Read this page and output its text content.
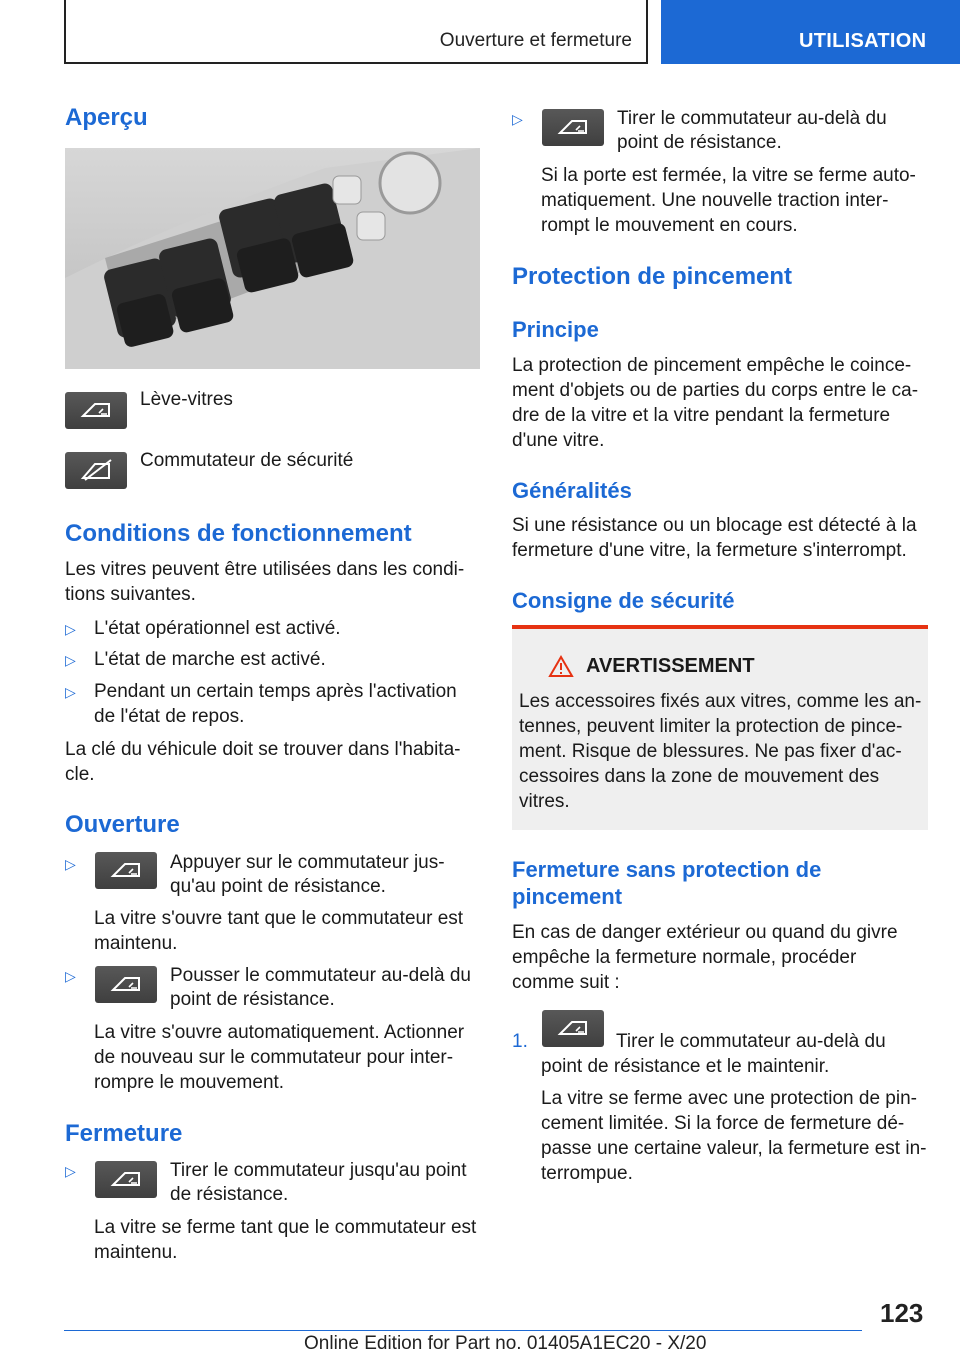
Ouverture et fermeture	UTILISATION
Aperçu
Lève-vitres
Commutateur de sécurité
Conditions de fonctionnement
Les vitres peuvent être utilisées dans les condi-
tions suivantes.
▷ L'état opérationnel est activé.
▷ L'état de marche est activé.
▷ Pendant un certain temps après l'activation
de l'état de repos.
La clé du véhicule doit se trouver dans l'habita-
cle.
Ouverture
▷	Appuyer sur le commutateur jus-
qu'au point de résistance.
La vitre s'ouvre tant que le commutateur est
maintenu.
▷	Pousser le commutateur au-delà du
point de résistance.
La vitre s'ouvre automatiquement. Actionner
de nouveau sur le commutateur pour inter-
rompre le mouvement.
Fermeture
▷	Tirer le commutateur jusqu'au point
de résistance.
La vitre se ferme tant que le commutateur est
maintenu.
▷	Tirer le commutateur au-delà du
point de résistance.
Si la porte est fermée, la vitre se ferme auto-
matiquement. Une nouvelle traction inter-
rompt le mouvement en cours.
Protection de pincement
Principe
La protection de pincement empêche le coince-
ment d'objets ou de parties du corps entre le ca-
dre de la vitre et la vitre pendant la fermeture
d'une vitre.
Généralités
Si une résistance ou un blocage est détecté à la
fermeture d'une vitre, la fermeture s'interrompt.
Consigne de sécurité
AVERTISSEMENT
Les accessoires fixés aux vitres, comme les an-
tennes, peuvent limiter la protection de pince-
ment. Risque de blessures. Ne pas fixer d'ac-
cessoires dans la zone de mouvement des
vitres.
Fermeture sans protection de
pincement
En cas de danger extérieur ou quand du givre
empêche la fermeture normale, procéder
comme suit :
1.	Tirer le commutateur au-delà du
point de résistance et le maintenir.
La vitre se ferme avec une protection de pin-
cement limitée. Si la force de fermeture dé-
passe une certaine valeur, la fermeture est in-
terrompue.
123
Online Edition for Part no. 01405A1EC20 - X/20
